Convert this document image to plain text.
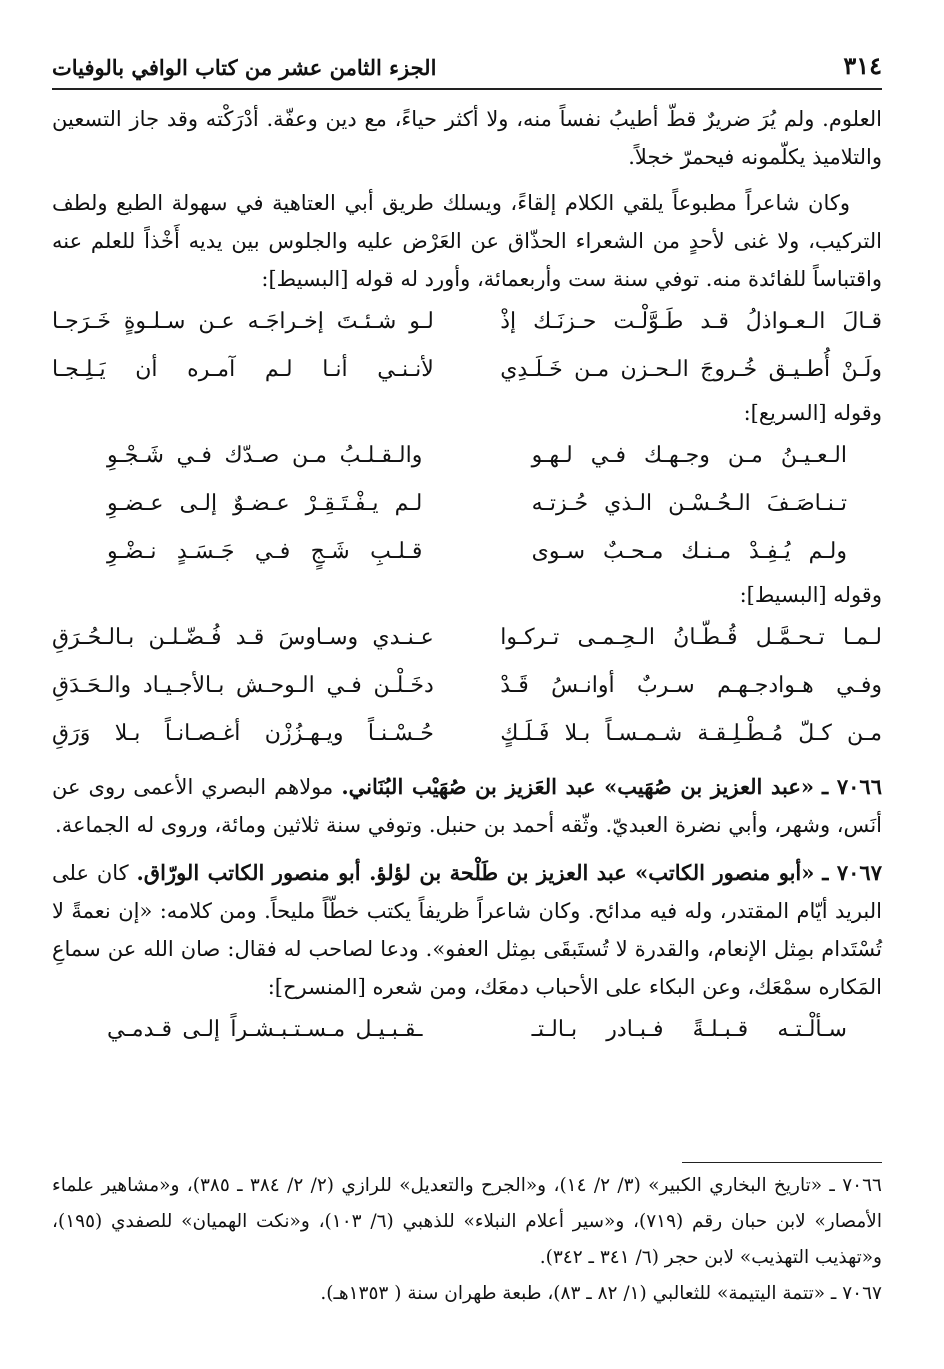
٣١٤
الجزء الثامن عشر من كتاب الوافي بالوفيات

العلوم. ولم يُرَ ضريرٌ قطّ أطيبُ نفساً منه، ولا أكثر حياءً، مع دين وعفّة. أدْرَكْته وقد جاز التسعين والتلاميذ يكلّمونه فيحمرّ خجلاً.

وكان شاعراً مطبوعاً يلقي الكلام إلقاءً، ويسلك طريق أبي العتاهية في سهولة الطبع ولطف التركيب، ولا غنى لأحدٍ من الشعراء الحذّاق عن العَرْض عليه والجلوس بين يديه أَخْذاً للعلم عنه واقتباساً للفائدة منه. توفي سنة ست وأربعمائة، وأورد له قوله [البسيط]:

قـالَ الـعـواذلُ قـد طَـوَّلْـت حـزنَـك إذْ
لـو شـئـتَ إخـراجَـه عـن سـلـوةٍ خَـرَجـا
ولَـنْ أُطـيـق خُـروجَ الـحـزن مـن خَـلَـدِي
لأنـنـي أنـا لـم آمـره أن يَـلِـجـا

وقوله [السريع]:

الـعـيـنُ مـن وجـهـك فـي لـهـو
والـقـلـبُ مـن صـدّك فـي شَـجْـوِ
تـنـاصَـفَ الـحُـسْـن الـذي حُـزتـه
لـم يـفْـتَـقِـرْ عـضـوٌ إلـى عـضـوِ
ولـم يُـفِـدْ مـنـك مـحـبٌ سـوى
قـلـبِ شَـجٍ فـي جَـسَـدٍ نـضْـوِ

وقوله [البسيط]:

لـمـا تـحـمَّـل قُـطّـانُ الـحِـمـى تـركـوا
عـنـدي وسـاوسَ قـد فُـضّـلـن بـالـحُـرَقِ
وفـي هـوادجـهـم سـربٌ أوانـسُ قَـدْ
دخَـلْـن فـي الـوحـش بـالأجـيـاد والـحَـدَقِ
مـن كـلّ مُـطْـلِـقـة شـمـسـاً بـلا فَـلَـكٍ
حُـسْـنـاً ويـهـزُزْن أغـصـانـاً بـلا وَرَقِ

٧٠٦٦ ـ «عبد العزيز بن صُهَيب» عبد العَزيز بن صُهَيْب البُنَاني. مولاهم البصري الأعمى روى عن أنَس، وشهر، وأبي نضرة العبديّ. وثّقه أحمد بن حنبل. وتوفي سنة ثلاثين ومائة، وروى له الجماعة.

٧٠٦٧ ـ «أبو منصور الكاتب» عبد العزيز بن طَلْحة بن لؤلؤ. أبو منصور الكاتب الورّاق. كان على البريد أيّام المقتدر، وله فيه مدائح. وكان شاعراً ظريفاً يكتب خطّاً مليحاً. ومن كلامه: «إن نعمةً لا تُسْتَدام بمِثل الإنعام، والقدرة لا تُستَبقَى بمِثل العفو». ودعا لصاحب له فقال: صان الله عن سماعِ المَكاره سمْعَك، وعن البكاء على الأحباب دمعَك، ومن شعره [المنسرح]:

سـألْـتـه قـبـلـةً فـبـادر بـالـتـ
ـقـبـيـل مـسـتـبـشـراً إلـى قـدمـي

٧٠٦٦ ـ «تاريخ البخاري الكبير» (٣/ ٢/ ١٤)، و«الجرح والتعديل» للرازي (٢/ ٢/ ٣٨٤ ـ ٣٨٥)، و«مشاهير علماء الأمصار» لابن حبان رقم (٧١٩)، و«سير أعلام النبلاء» للذهبي (٦/ ١٠٣)، و«نكت الهميان» للصفدي (١٩٥)، و«تهذيب التهذيب» لابن حجر (٦/ ٣٤١ ـ ٣٤٢).

٧٠٦٧ ـ «تتمة اليتيمة» للثعالبي (١/ ٨٢ ـ ٨٣)، طبعة طهران سنة ( ١٣٥٣هـ).
